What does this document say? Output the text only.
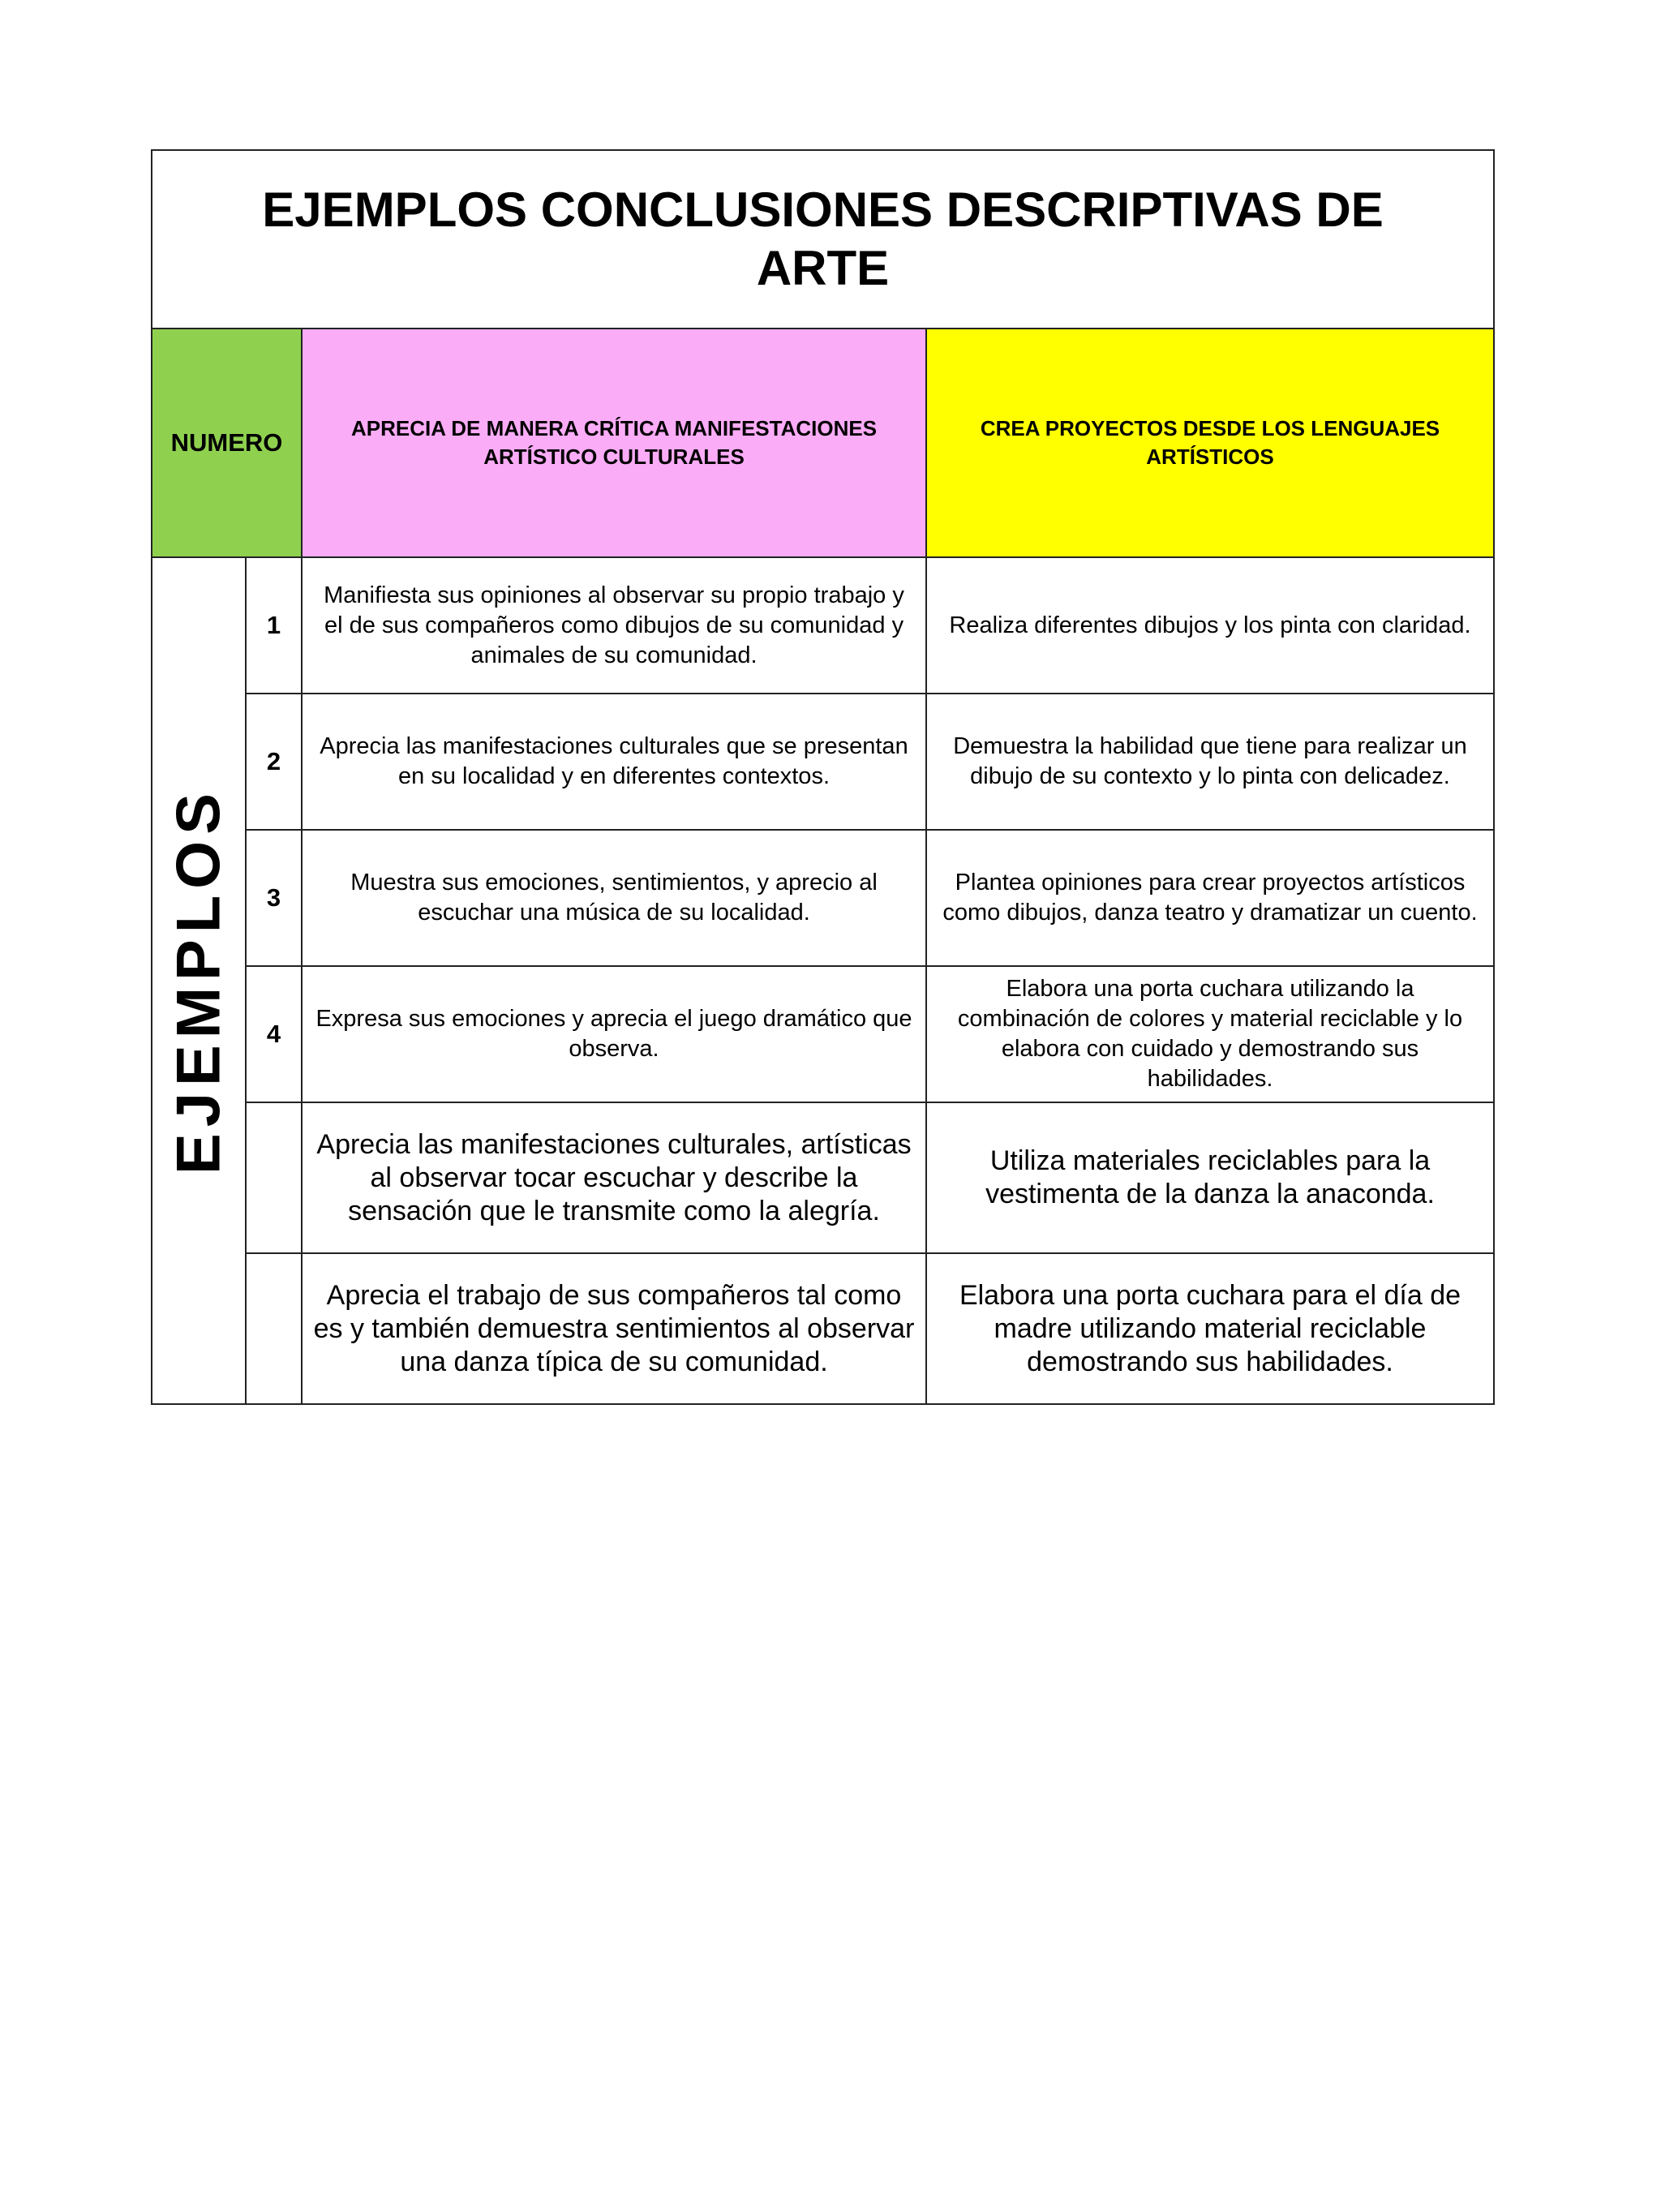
EJEMPLOS CONCLUSIONES DESCRIPTIVAS DE ARTE			

NUMERO		APRECIA DE MANERA CRÍTICA MANIFESTACIONES ARTÍSTICO CULTURALES	CREA PROYECTOS DESDE LOS LENGUAJES ARTÍSTICOS

EJEMPLOS	1	Manifiesta sus opiniones al observar su propio trabajo y el de sus compañeros como dibujos de su comunidad y animales de su comunidad.	Realiza diferentes dibujos y los pinta con claridad.

	2	Aprecia las manifestaciones culturales que se presentan en su localidad y en diferentes contextos.	Demuestra la habilidad que tiene para realizar un dibujo de su contexto y lo pinta con delicadez.

	3	Muestra sus emociones, sentimientos, y aprecio al escuchar una música de su localidad.	Plantea opiniones para crear proyectos artísticos como dibujos, danza teatro y dramatizar un cuento.

	4	Expresa sus emociones y aprecia el juego dramático que observa.	Elabora una porta cuchara utilizando la combinación de colores y material reciclable y lo elabora con cuidado y demostrando sus habilidades.

		Aprecia las manifestaciones culturales, artísticas al observar tocar escuchar y describe la sensación que le transmite como la alegría.	Utiliza materiales reciclables para la vestimenta de la danza la anaconda.

		Aprecia el trabajo de sus compañeros tal como es y también demuestra sentimientos al observar una danza típica de su comunidad.	Elabora una porta cuchara para el día de madre utilizando material reciclable demostrando sus habilidades.
